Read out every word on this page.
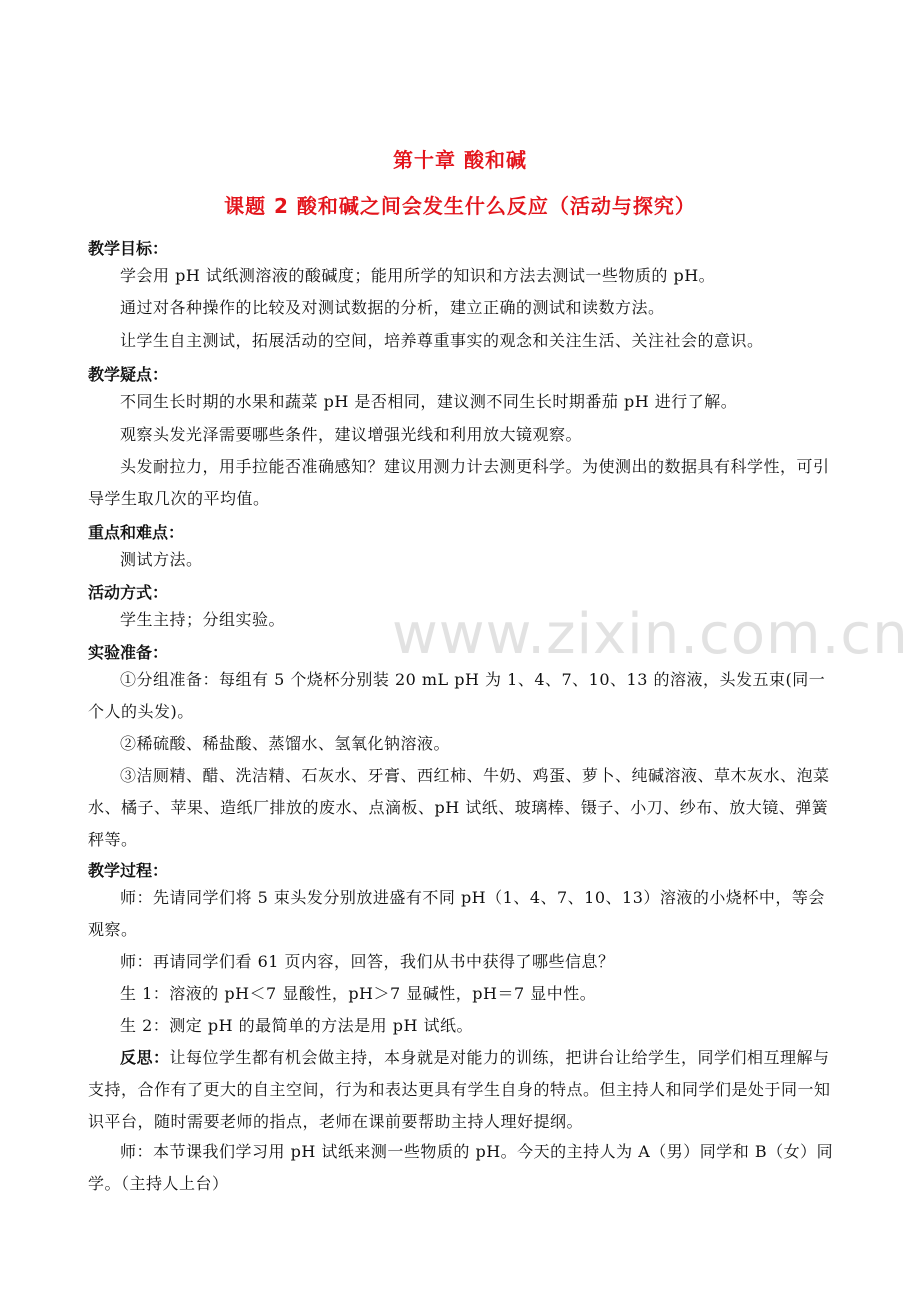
第十章 酸和碱
课题 2 酸和碱之间会发生什么反应（活动与探究）
教学目标：

学会用 pH 试纸测溶液的酸碱度；能用所学的知识和方法去测试一些物质的 pH。

通过对各种操作的比较及对测试数据的分析，建立正确的测试和读数方法。

让学生自主测试，拓展活动的空间，培养尊重事实的观念和关注生活、关注社会的意识。

教学疑点：

不同生长时期的水果和蔬菜 pH 是否相同，建议测不同生长时期番茄 pH 进行了解。

观察头发光泽需要哪些条件，建议增强光线和利用放大镜观察。

头发耐拉力，用手拉能否准确感知？建议用测力计去测更科学。为使测出的数据具有科学性，可引导学生取几次的平均值。

重点和难点：

测试方法。

活动方式：

学生主持；分组实验。

实验准备：

①分组准备：每组有 5 个烧杯分别装 20 mL pH 为 1、4、7、10、13 的溶液，头发五束(同一个人的头发)。

②稀硫酸、稀盐酸、蒸馏水、氢氧化钠溶液。

③洁厕精、醋、洗洁精、石灰水、牙膏、西红柿、牛奶、鸡蛋、萝卜、纯碱溶液、草木灰水、泡菜水、橘子、苹果、造纸厂排放的废水、点滴板、pH 试纸、玻璃棒、镊子、小刀、纱布、放大镜、弹簧秤等。

教学过程：

师：先请同学们将 5 束头发分别放进盛有不同 pH（1、4、7、10、13）溶液的小烧杯中，等会观察。

师：再请同学们看 61 页内容，回答，我们从书中获得了哪些信息？

生 1：溶液的 pH＜7 显酸性，pH＞7 显碱性，pH＝7 显中性。

生 2：测定 pH 的最简单的方法是用 pH 试纸。

反思：让每位学生都有机会做主持，本身就是对能力的训练，把讲台让给学生，同学们相互理解与支持，合作有了更大的自主空间，行为和表达更具有学生自身的特点。但主持人和同学们是处于同一知识平台，随时需要老师的指点，老师在课前要帮助主持人理好提纲。

师：本节课我们学习用 pH 试纸来测一些物质的 pH。今天的主持人为 A（男）同学和 B（女）同学。（主持人上台）

www.zixin.com.cn
